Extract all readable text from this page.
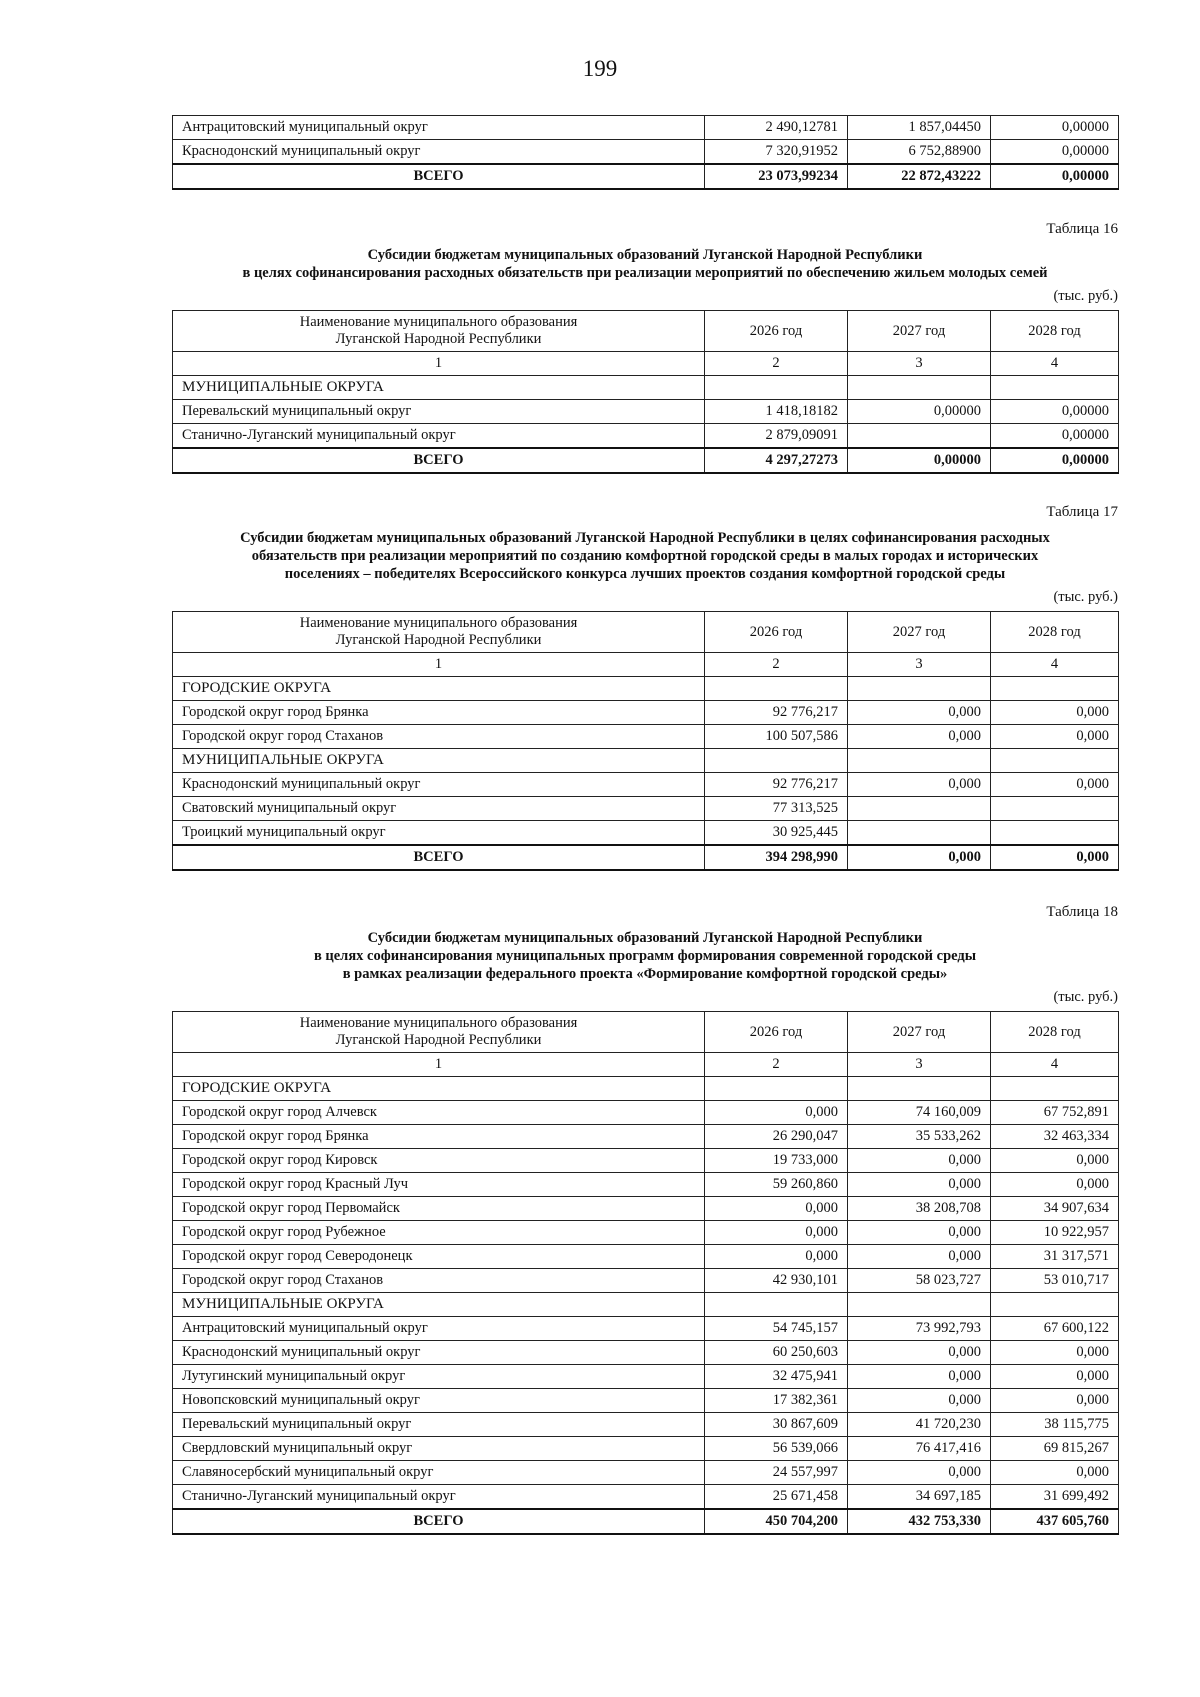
199
Антрацитовский муниципальный округ	2 490,12781	1 857,04450	0,00000
Краснодонский муниципальный округ	7 320,91952	6 752,88900	0,00000
ВСЕГО	23 073,99234	22 872,43222	0,00000
Таблица 16
Субсидии бюджетам муниципальных образований Луганской Народной Республики
в целях софинансирования расходных обязательств при реализации мероприятий по обеспечению жильем молодых семей
(тыс. руб.)
Наименование муниципального образования
Луганской Народной Республики	2026 год	2027 год	2028 год
1	2	3	4
МУНИЦИПАЛЬНЫЕ ОКРУГА			
Перевальский муниципальный округ	1 418,18182	0,00000	0,00000
Станично-Луганский муниципальный округ	2 879,09091		0,00000
ВСЕГО	4 297,27273	0,00000	0,00000
Таблица 17
Субсидии бюджетам муниципальных образований Луганской Народной Республики в целях софинансирования расходных
обязательств при реализации мероприятий по созданию комфортной городской среды в малых городах и исторических
поселениях – победителях Всероссийского конкурса лучших проектов создания комфортной городской среды
(тыс. руб.)
Наименование муниципального образования
Луганской Народной Республики	2026 год	2027 год	2028 год
1	2	3	4
ГОРОДСКИЕ ОКРУГА			
Городской округ город Брянка	92 776,217	0,000	0,000
Городской округ город Стаханов	100 507,586	0,000	0,000
МУНИЦИПАЛЬНЫЕ ОКРУГА			
Краснодонский муниципальный округ	92 776,217	0,000	0,000
Сватовский муниципальный округ	77 313,525		
Троицкий муниципальный округ	30 925,445		
ВСЕГО	394 298,990	0,000	0,000
Таблица 18
Субсидии бюджетам муниципальных образований Луганской Народной Республики
в целях софинансирования муниципальных программ формирования современной городской среды
в рамках реализации федерального проекта «Формирование комфортной городской среды»
(тыс. руб.)
Наименование муниципального образования
Луганской Народной Республики	2026 год	2027 год	2028 год
1	2	3	4
ГОРОДСКИЕ ОКРУГА			
Городской округ город Алчевск	0,000	74 160,009	67 752,891
Городской округ город Брянка	26 290,047	35 533,262	32 463,334
Городской округ город Кировск	19 733,000	0,000	0,000
Городской округ город Красный Луч	59 260,860	0,000	0,000
Городской округ город Первомайск	0,000	38 208,708	34 907,634
Городской округ город Рубежное	0,000	0,000	10 922,957
Городской округ город Северодонецк	0,000	0,000	31 317,571
Городской округ город Стаханов	42 930,101	58 023,727	53 010,717
МУНИЦИПАЛЬНЫЕ ОКРУГА			
Антрацитовский муниципальный округ	54 745,157	73 992,793	67 600,122
Краснодонский муниципальный округ	60 250,603	0,000	0,000
Лутугинский муниципальный округ	32 475,941	0,000	0,000
Новопсковский муниципальный округ	17 382,361	0,000	0,000
Перевальский муниципальный округ	30 867,609	41 720,230	38 115,775
Свердловский муниципальный округ	56 539,066	76 417,416	69 815,267
Славяносербский муниципальный округ	24 557,997	0,000	0,000
Станично-Луганский муниципальный округ	25 671,458	34 697,185	31 699,492
ВСЕГО	450 704,200	432 753,330	437 605,760
